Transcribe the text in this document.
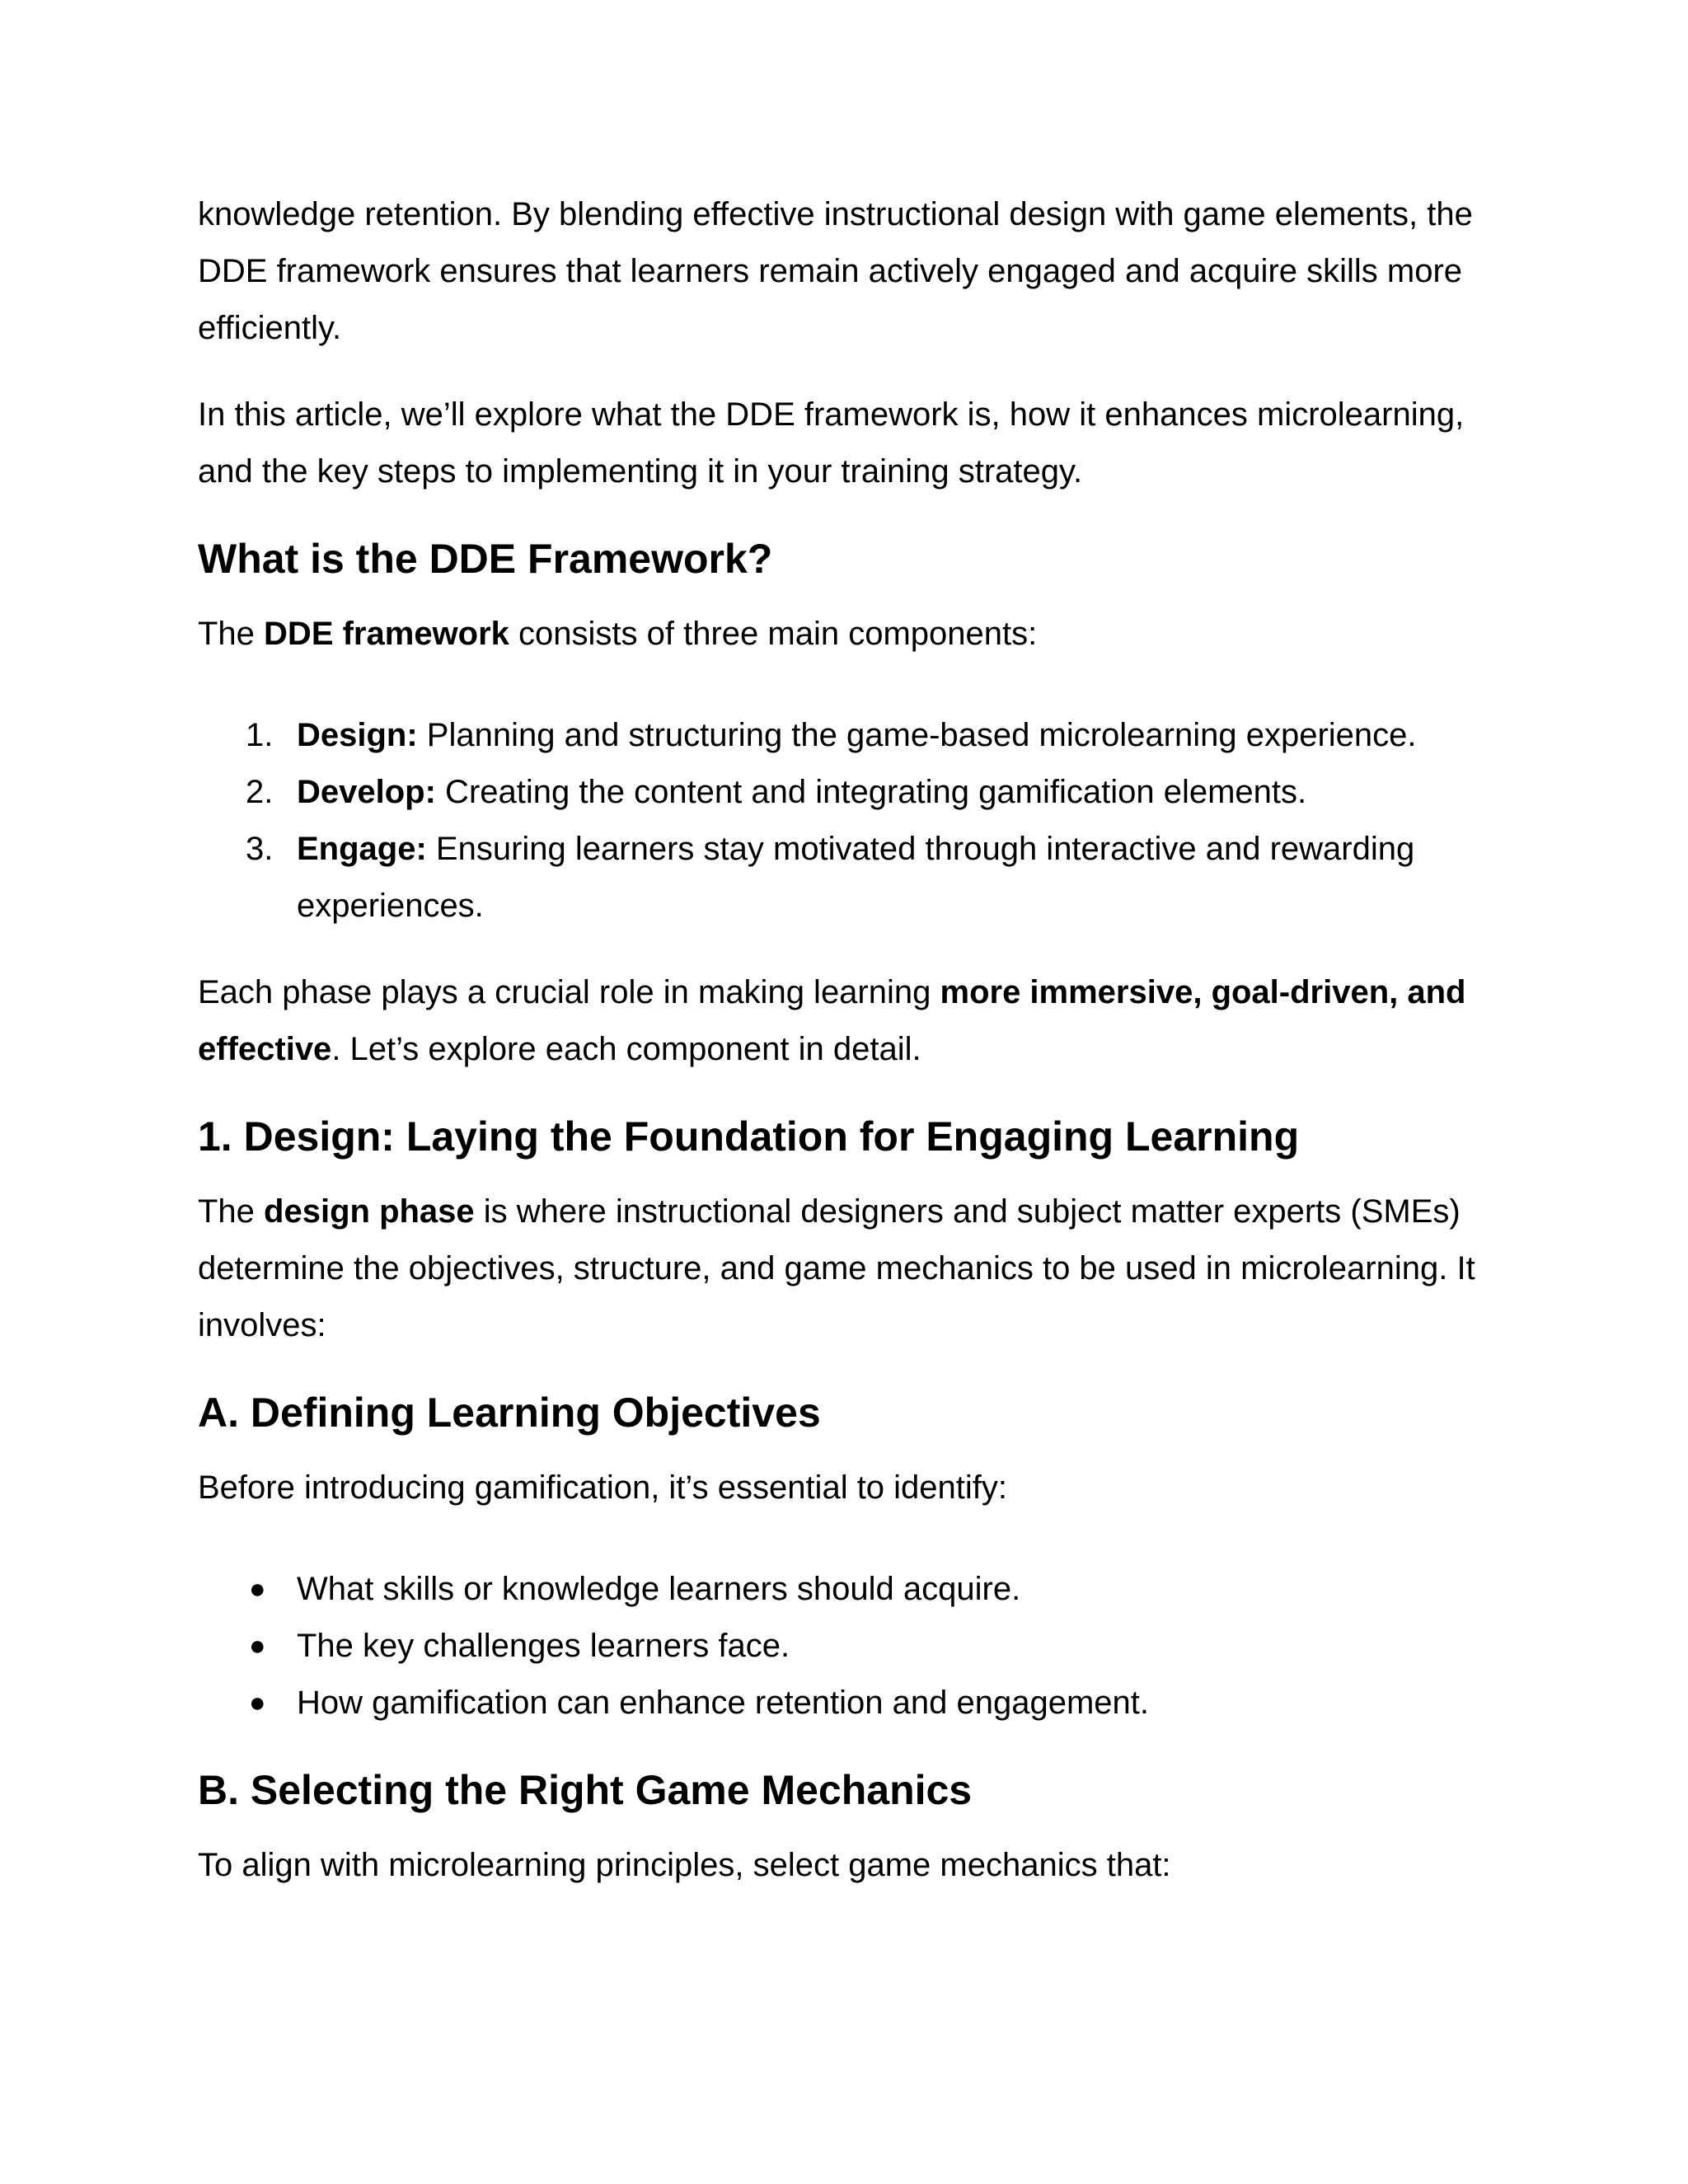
knowledge retention. By blending effective instructional design with game elements, the DDE framework ensures that learners remain actively engaged and acquire skills more efficiently.

In this article, we’ll explore what the DDE framework is, how it enhances microlearning, and the key steps to implementing it in your training strategy.

What is the DDE Framework?

The DDE framework consists of three main components:

1. Design: Planning and structuring the game-based microlearning experience.
2. Develop: Creating the content and integrating gamification elements.
3. Engage: Ensuring learners stay motivated through interactive and rewarding experiences.

Each phase plays a crucial role in making learning more immersive, goal-driven, and effective. Let’s explore each component in detail.

1. Design: Laying the Foundation for Engaging Learning

The design phase is where instructional designers and subject matter experts (SMEs) determine the objectives, structure, and game mechanics to be used in microlearning. It involves:

A. Defining Learning Objectives

Before introducing gamification, it’s essential to identify:

● What skills or knowledge learners should acquire.
● The key challenges learners face.
● How gamification can enhance retention and engagement.
B. Selecting the Right Game Mechanics

To align with microlearning principles, select game mechanics that:
